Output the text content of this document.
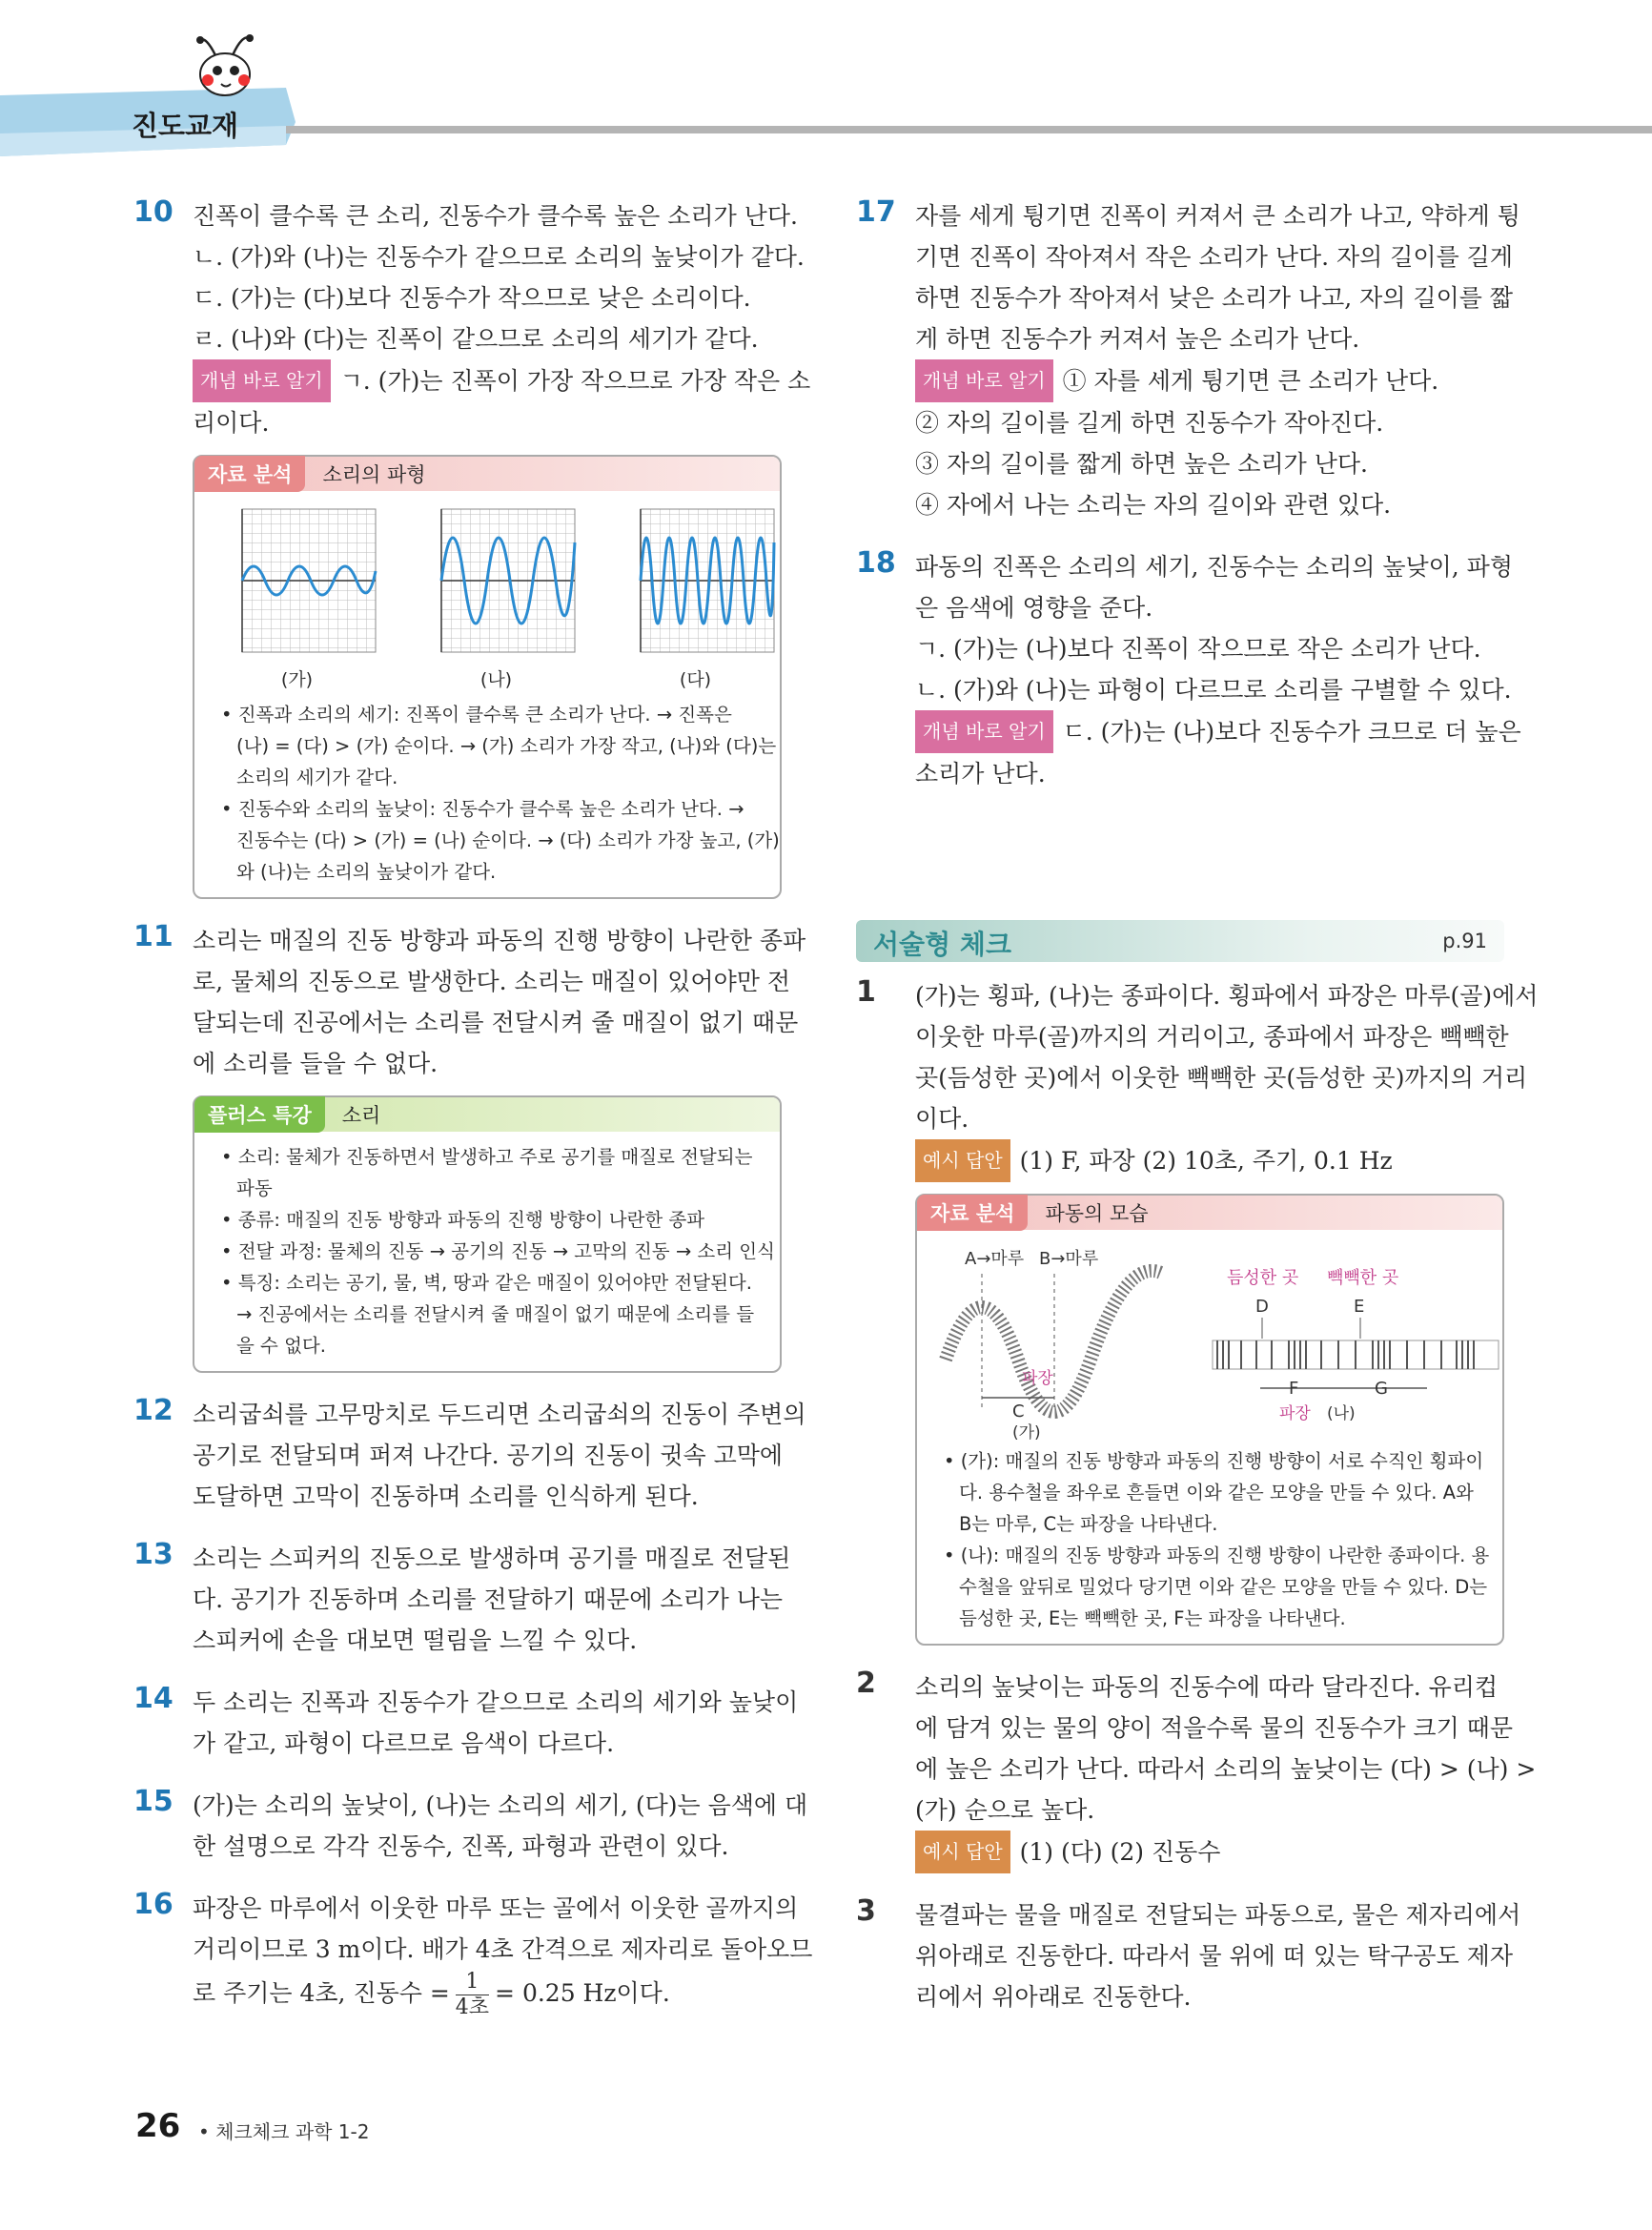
진도교재
10 진폭이 클수록 큰 소리, 진동수가 클수록 높은 소리가 난다.
ㄴ. (가)와 (나)는 진동수가 같으므로 소리의 높낮이가 같다.
ㄷ. (가)는 (다)보다 진동수가 작으므로 낮은 소리이다.
ㄹ. (나)와 (다)는 진폭이 같으므로 소리의 세기가 같다.
개념 바로 알기 ㄱ. (가)는 진폭이 가장 작으므로 가장 작은 소
리이다.
자료 분석	소리의 파형
(가)	(나)	(다)
• 진폭과 소리의 세기: 진폭이 클수록 큰 소리가 난다. → 진폭은
(나) = (다) > (가) 순이다. → (가) 소리가 가장 작고, (나)와 (다)는
소리의 세기가 같다.
• 진동수와 소리의 높낮이: 진동수가 클수록 높은 소리가 난다. →
진동수는 (다) > (가) = (나) 순이다. → (다) 소리가 가장 높고, (가)
와 (나)는 소리의 높낮이가 같다.
11 소리는 매질의 진동 방향과 파동의 진행 방향이 나란한 종파
로, 물체의 진동으로 발생한다. 소리는 매질이 있어야만 전
달되는데 진공에서는 소리를 전달시켜 줄 매질이 없기 때문
에 소리를 들을 수 없다.
플러스 특강	소리
• 소리: 물체가 진동하면서 발생하고 주로 공기를 매질로 전달되는
파동
• 종류: 매질의 진동 방향과 파동의 진행 방향이 나란한 종파
• 전달 과정: 물체의 진동 → 공기의 진동 → 고막의 진동 → 소리 인식
• 특징: 소리는 공기, 물, 벽, 땅과 같은 매질이 있어야만 전달된다.
→ 진공에서는 소리를 전달시켜 줄 매질이 없기 때문에 소리를 들
을 수 없다.
12 소리굽쇠를 고무망치로 두드리면 소리굽쇠의 진동이 주변의
공기로 전달되며 퍼져 나간다. 공기의 진동이 귓속 고막에
도달하면 고막이 진동하며 소리를 인식하게 된다.
13 소리는 스피커의 진동으로 발생하며 공기를 매질로 전달된
다. 공기가 진동하며 소리를 전달하기 때문에 소리가 나는
스피커에 손을 대보면 떨림을 느낄 수 있다.
14 두 소리는 진폭과 진동수가 같으므로 소리의 세기와 높낮이
가 같고, 파형이 다르므로 음색이 다르다.
15 (가)는 소리의 높낮이, (나)는 소리의 세기, (다)는 음색에 대
한 설명으로 각각 진동수, 진폭, 파형과 관련이 있다.
16 파장은 마루에서 이웃한 마루 또는 골에서 이웃한 골까지의
거리이므로 3 m이다. 배가 4초 간격으로 제자리로 돌아오므
로 주기는 4초, 진동수 = $\frac{1}{\text{4초}} = 0.25$ Hz이다.
17 자를 세게 튕기면 진폭이 커져서 큰 소리가 나고, 약하게 튕
기면 진폭이 작아져서 작은 소리가 난다. 자의 길이를 길게
하면 진동수가 작아져서 낮은 소리가 나고, 자의 길이를 짧
게 하면 진동수가 커져서 높은 소리가 난다.
개념 바로 알기 ① 자를 세게 튕기면 큰 소리가 난다.
② 자의 길이를 길게 하면 진동수가 작아진다.
③ 자의 길이를 짧게 하면 높은 소리가 난다.
④ 자에서 나는 소리는 자의 길이와 관련 있다.
18 파동의 진폭은 소리의 세기, 진동수는 소리의 높낮이, 파형
은 음색에 영향을 준다.
ㄱ. (가)는 (나)보다 진폭이 작으므로 작은 소리가 난다.
ㄴ. (가)와 (나)는 파형이 다르므로 소리를 구별할 수 있다.
개념 바로 알기 ㄷ. (가)는 (나)보다 진동수가 크므로 더 높은
소리가 난다.
서술형 체크	p.91
1 (가)는 횡파, (나)는 종파이다. 횡파에서 파장은 마루(골)에서
이웃한 마루(골)까지의 거리이고, 종파에서 파장은 빽빽한
곳(듬성한 곳)에서 이웃한 빽빽한 곳(듬성한 곳)까지의 거리
이다.
예시 답안 (1) F, 파장 (2) 10초, 주기, 0.1 Hz
자료 분석	파동의 모습
A→마루 B→마루
C
파장
(가)
듬성한 곳 빽빽한 곳
D	E
F	G
파장 (나)
• (가): 매질의 진동 방향과 파동의 진행 방향이 서로 수직인 횡파이
다. 용수철을 좌우로 흔들면 이와 같은 모양을 만들 수 있다. A와
B는 마루, C는 파장을 나타낸다.
• (나): 매질의 진동 방향과 파동의 진행 방향이 나란한 종파이다. 용
수철을 앞뒤로 밀었다 당기면 이와 같은 모양을 만들 수 있다. D는
듬성한 곳, E는 빽빽한 곳, F는 파장을 나타낸다.
2 소리의 높낮이는 파동의 진동수에 따라 달라진다. 유리컵
에 담겨 있는 물의 양이 적을수록 물의 진동수가 크기 때문
에 높은 소리가 난다. 따라서 소리의 높낮이는 (다) > (나) >
(가) 순으로 높다.
예시 답안 (1) (다) (2) 진동수
3 물결파는 물을 매질로 전달되는 파동으로, 물은 제자리에서
위아래로 진동한다. 따라서 물 위에 떠 있는 탁구공도 제자
리에서 위아래로 진동한다.
26 • 체크체크 과학 1-2
